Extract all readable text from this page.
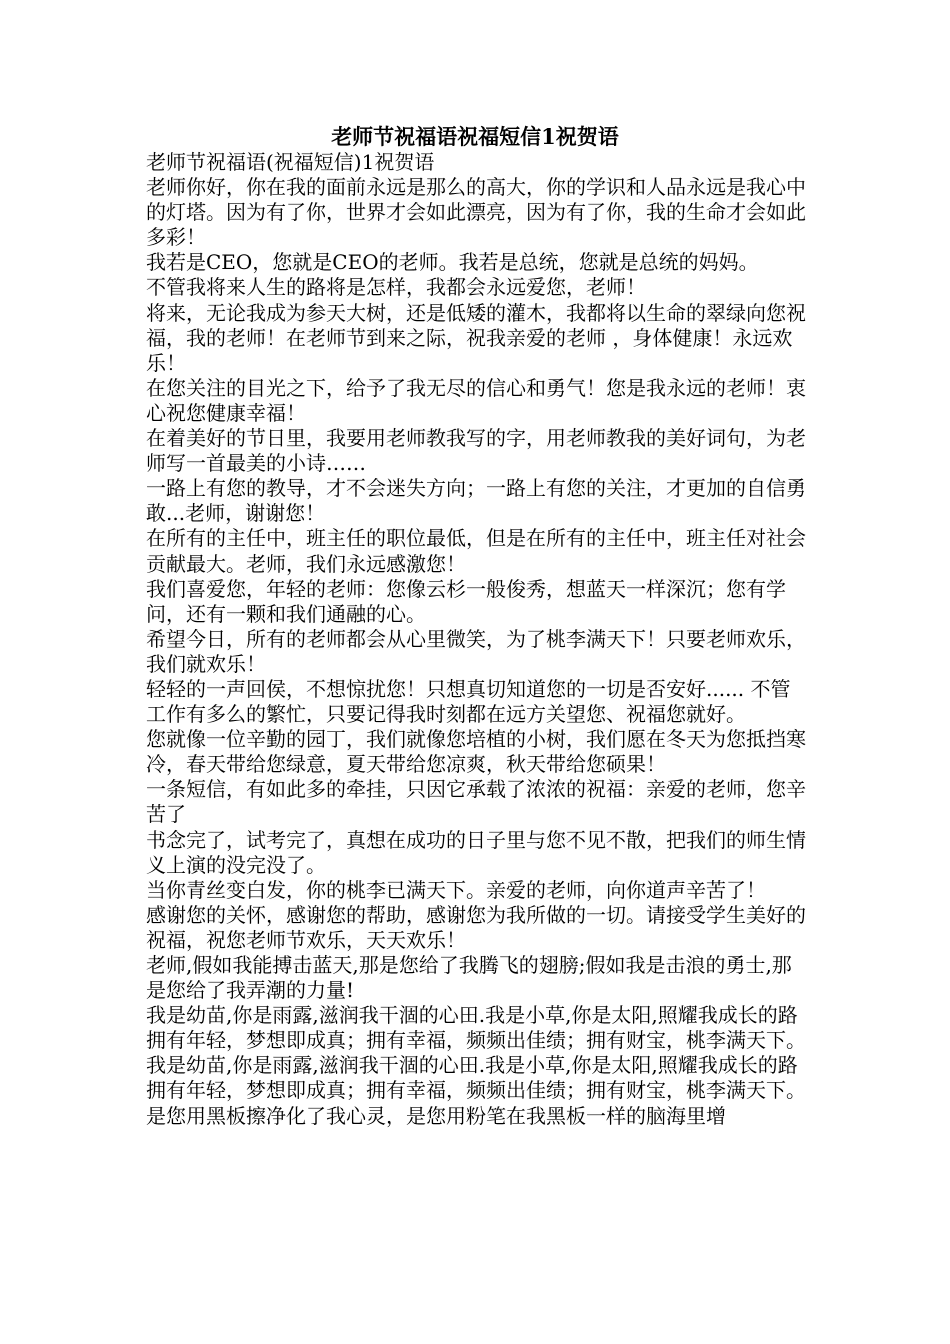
老师节祝福语祝福短信1祝贺语

老师节祝福语(祝福短信)1祝贺语

老师你好，你在我的面前永远是那么的高大，你的学识和人品永远是我心中的灯塔。因为有了你，世界才会如此漂亮，因为有了你，我的生命才会如此多彩！

我若是CEO，您就是CEO的老师。我若是总统，您就是总统的妈妈。

不管我将来人生的路将是怎样，我都会永远爱您，老师！

将来，无论我成为参天大树，还是低矮的灌木，我都将以生命的翠绿向您祝福，我的老师！在老师节到来之际，祝我亲爱的老师 ，身体健康！永远欢乐！

在您关注的目光之下，给予了我无尽的信心和勇气！您是我永远的老师！衷心祝您健康幸福！

在着美好的节日里，我要用老师教我写的字，用老师教我的美好词句，为老师写一首最美的小诗……

一路上有您的教导，才不会迷失方向；一路上有您的关注，才更加的自信勇敢...老师，谢谢您！

在所有的主任中，班主任的职位最低，但是在所有的主任中，班主任对社会贡献最大。老师，我们永远感激您！

我们喜爱您，年轻的老师：您像云杉一般俊秀，想蓝天一样深沉；您有学问，还有一颗和我们通融的心。

希望今日，所有的老师都会从心里微笑，为了桃李满天下！只要老师欢乐，我们就欢乐！

轻轻的一声回侯，不想惊扰您！只想真切知道您的一切是否安好...... 不管工作有多么的繁忙，只要记得我时刻都在远方关望您、祝福您就好。

您就像一位辛勤的园丁，我们就像您培植的小树，我们愿在冬天为您抵挡寒冷，春天带给您绿意，夏天带给您凉爽，秋天带给您硕果！

一条短信，有如此多的牵挂，只因它承载了浓浓的祝福：亲爱的老师，您辛苦了

书念完了，试考完了，真想在成功的日子里与您不见不散，把我们的师生情义上演的没完没了。

当你青丝变白发，你的桃李已满天下。亲爱的老师，向你道声辛苦了！

感谢您的关怀，感谢您的帮助，感谢您为我所做的一切。请接受学生美好的祝福，祝您老师节欢乐，天天欢乐！

老师,假如我能搏击蓝天,那是您给了我腾飞的翅膀;假如我是击浪的勇士,那是您给了我弄潮的力量!

我是幼苗,你是雨露,滋润我干涸的心田.我是小草,你是太阳,照耀我成长的路拥有年轻，梦想即成真；拥有幸福，频频出佳绩；拥有财宝，桃李满天下。

我是幼苗,你是雨露,滋润我干涸的心田.我是小草,你是太阳,照耀我成长的路拥有年轻，梦想即成真；拥有幸福，频频出佳绩；拥有财宝，桃李满天下。

是您用黑板擦净化了我心灵，是您用粉笔在我黑板一样的脑海里增
